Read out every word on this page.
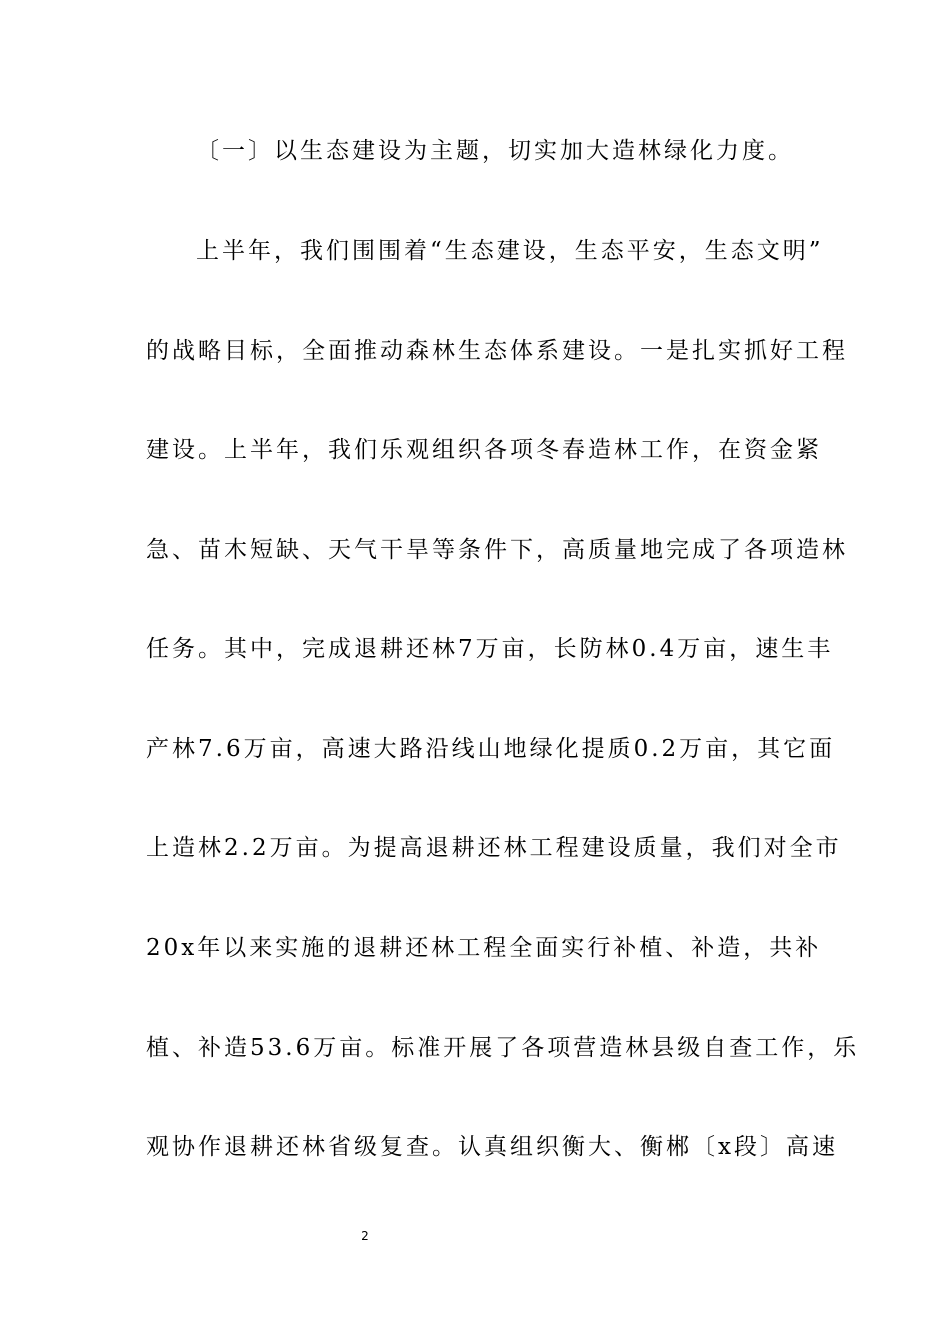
〔一〕以生态建设为主题，切实加大造林绿化力度。
上半年，我们围围着“生态建设，生态平安，生态文明”
的战略目标，全面推动森林生态体系建设。一是扎实抓好工程
建设。上半年，我们乐观组织各项冬春造林工作，在资金紧
急、苗木短缺、天气干旱等条件下，高质量地完成了各项造林
任务。其中，完成退耕还林7万亩，长防林0.4万亩，速生丰
产林7.6万亩，高速大路沿线山地绿化提质0.2万亩，其它面
上造林2.2万亩。为提高退耕还林工程建设质量，我们对全市
20x年以来实施的退耕还林工程全面实行补植、补造，共补
植、补造53.6万亩。标准开展了各项营造林县级自查工作，乐
观协作退耕还林省级复查。认真组织衡大、衡郴〔x段〕高速
2
